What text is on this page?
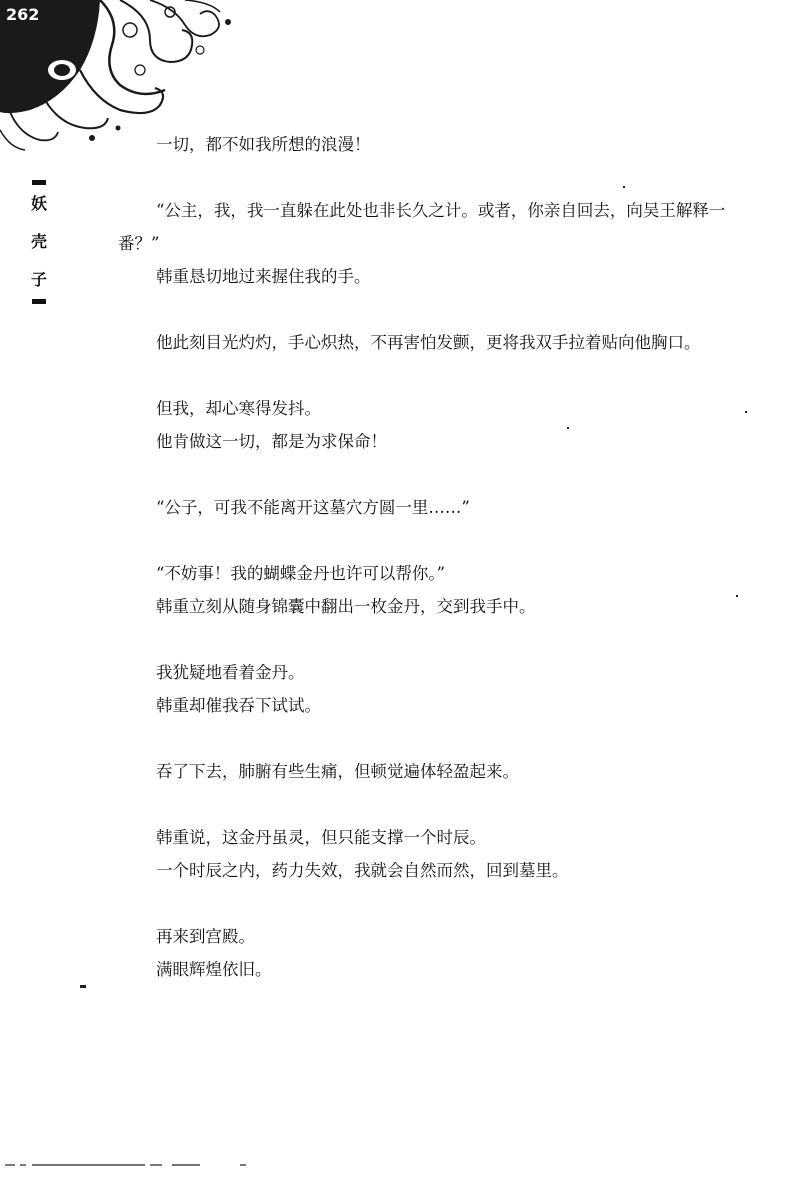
262
妖
壳
子

一切，都不如我所想的浪漫！

“公主，我，我一直躲在此处也非长久之计。或者，你亲自回去，向吴王解释一番？”

韩重恳切地过来握住我的手。

他此刻目光灼灼，手心炽热，不再害怕发颤，更将我双手拉着贴向他胸口。

但我，却心寒得发抖。

他肯做这一切，都是为求保命！

“公子，可我不能离开这墓穴方圆一里……”

“不妨事！我的蝴蝶金丹也许可以帮你。”

韩重立刻从随身锦囊中翻出一枚金丹，交到我手中。

我犹疑地看着金丹。

韩重却催我吞下试试。

吞了下去，肺腑有些生痛，但顿觉遍体轻盈起来。

韩重说，这金丹虽灵，但只能支撑一个时辰。

一个时辰之内，药力失效，我就会自然而然，回到墓里。

再来到宫殿。

满眼辉煌依旧。
